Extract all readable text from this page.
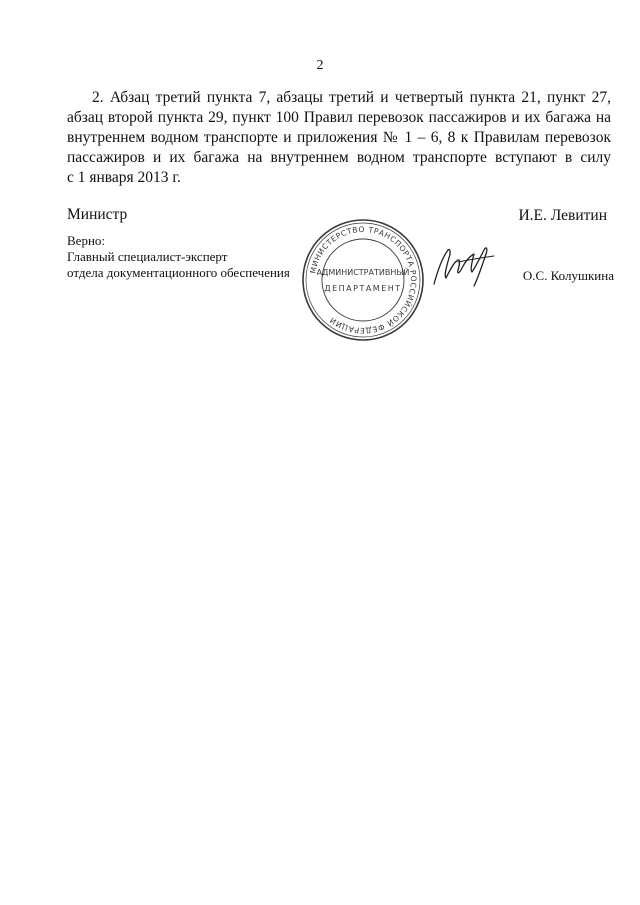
2
2. Абзац третий пункта 7, абзацы третий и четвертый пункта 21, пункт 27,
абзац второй пункта 29, пункт 100 Правил перевозок пассажиров и их багажа на
внутреннем водном транспорте и приложения № 1 – 6, 8 к Правилам перевозок
пассажиров и их багажа на внутреннем водном транспорте вступают в силу
с 1 января 2013 г.
Министр	И.Е. Левитин
Верно:
Главный специалист-эксперт
отдела документационного обеспечения МИНИСТЕРСТВО ТРАНСПОРТА РОССИЙСКОЙ ФЕДЕРАЦИИ
АДМИНИСТРАТИВНЫЙ
ДЕПАРТАМЕНТ
О.С. Колушкина
